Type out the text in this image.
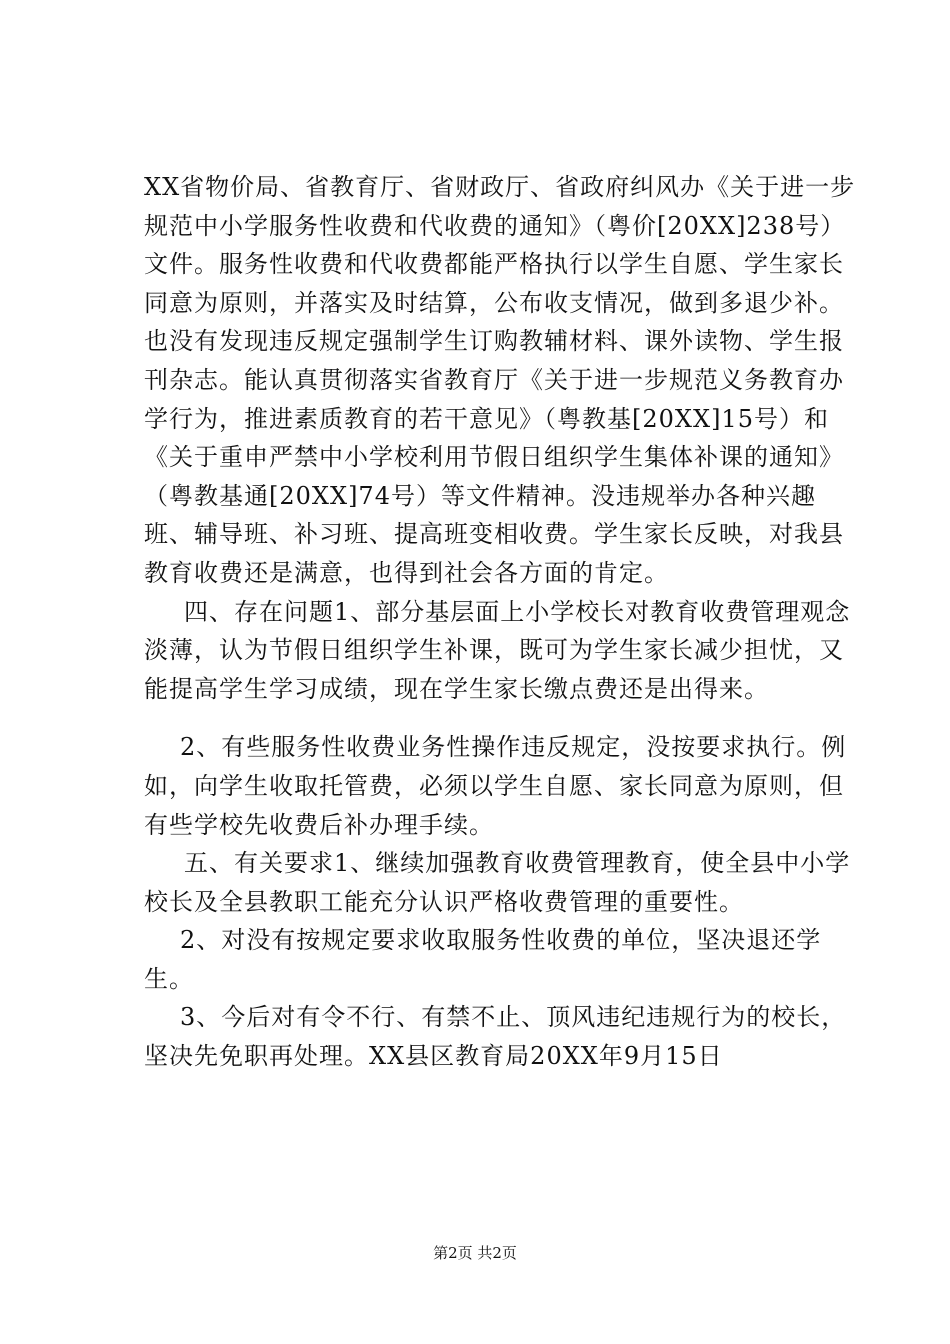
XX省物价局、省教育厅、省财政厅、省政府纠风办《关于进一步规范中小学服务性收费和代收费的通知》（粤价[20XX]238号）文件。服务性收费和代收费都能严格执行以学生自愿、学生家长同意为原则，并落实及时结算，公布收支情况，做到多退少补。也没有发现违反规定强制学生订购教辅材料、课外读物、学生报刊杂志。能认真贯彻落实省教育厅《关于进一步规范义务教育办学行为，推进素质教育的若干意见》（粤教基[20XX]15号）和《关于重申严禁中小学校利用节假日组织学生集体补课的通知》（粤教基通[20XX]74号）等文件精神。没违规举办各种兴趣班、辅导班、补习班、提高班变相收费。学生家长反映，对我县教育收费还是满意，也得到社会各方面的肯定。

四、存在问题1、部分基层面上小学校长对教育收费管理观念淡薄，认为节假日组织学生补课，既可为学生家长减少担忧，又能提高学生学习成绩，现在学生家长缴点费还是出得来。

2、有些服务性收费业务性操作违反规定，没按要求执行。例如，向学生收取托管费，必须以学生自愿、家长同意为原则，但有些学校先收费后补办理手续。

五、有关要求1、继续加强教育收费管理教育，使全县中小学校长及全县教职工能充分认识严格收费管理的重要性。

2、对没有按规定要求收取服务性收费的单位，坚决退还学生。

3、今后对有令不行、有禁不止、顶风违纪违规行为的校长，坚决先免职再处理。XX县区教育局20XX年9月15日

第2页 共2页
